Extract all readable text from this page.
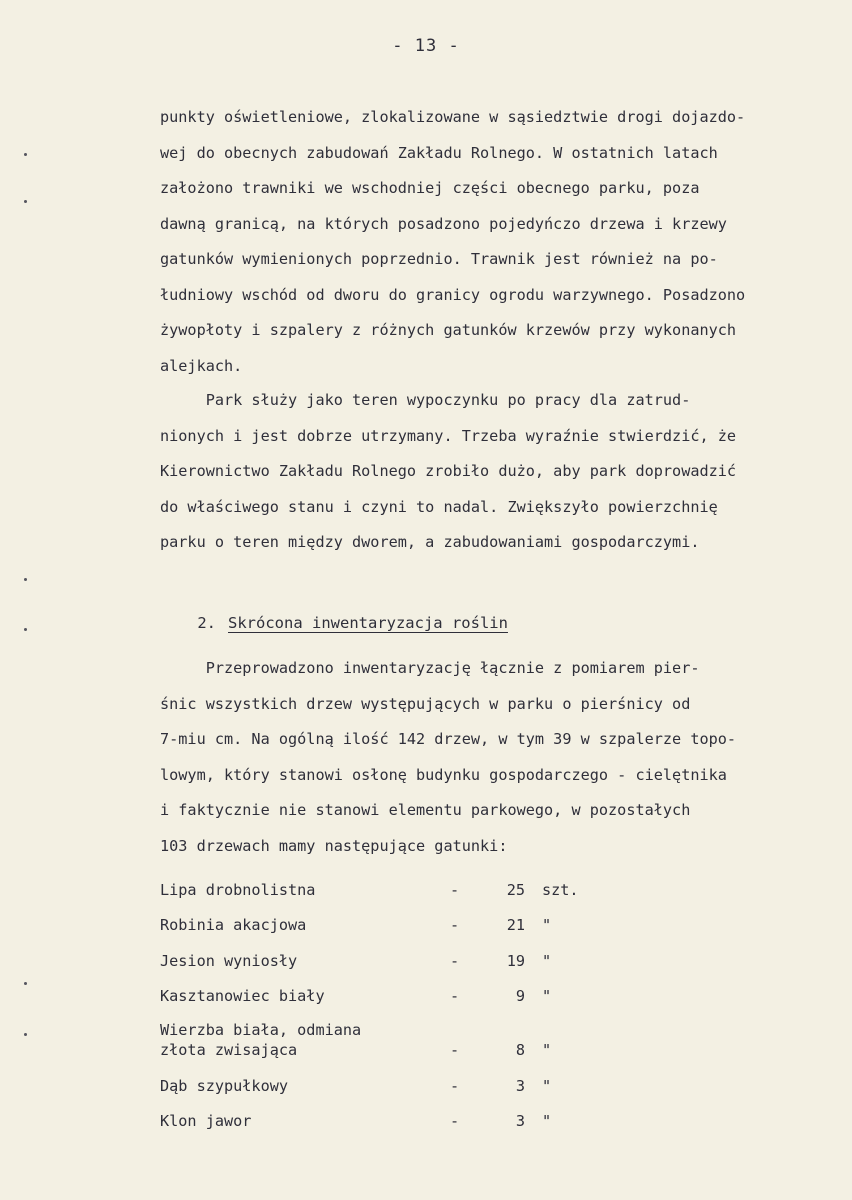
- 13 -
punkty oświetleniowe, zlokalizowane w sąsiedztwie drogi dojazdo-
wej do obecnych zabudowań Zakładu Rolnego. W ostatnich latach
założono trawniki we wschodniej części obecnego parku, poza
dawną granicą, na których posadzono pojedyńczo drzewa i krzewy
gatunków wymienionych poprzednio. Trawnik jest również na po-
łudniowy wschód od dworu do granicy ogrodu warzywnego. Posadzono
żywopłoty i szpalery z różnych gatunków krzewów przy wykonanych
alejkach.
Park służy jako teren wypoczynku po pracy dla zatrud-
nionych i jest dobrze utrzymany. Trzeba wyraźnie stwierdzić, że
Kierownictwo Zakładu Rolnego zrobiło dużo, aby park doprowadzić
do właściwego stanu i czyni to nadal. Zwiększyło powierzchnię
parku o teren między dworem, a zabudowaniami gospodarczymi.

2. Skrócona inwentaryzacja roślin

Przeprowadzono inwentaryzację łącznie z pomiarem pier-
śnic wszystkich drzew występujących w parku o pierśnicy od
7-miu cm. Na ogólną ilość 142 drzew, w tym 39 w szpalerze topo-
lowym, który stanowi osłonę budynku gospodarczego - cielętnika
i faktycznie nie stanowi elementu parkowego, w pozostałych
103 drzewach mamy następujące gatunki:
Lipa drobnolistna	-	25 szt.
Robinia akacjowa	-	21 "
Jesion wyniosły	-	19 "
Kasztanowiec biały	-	9 "
Wierzba biała, odmiana
złota zwisająca	-	8 "
Dąb szypułkowy	-	3 "
Klon jawor	-	3 "
